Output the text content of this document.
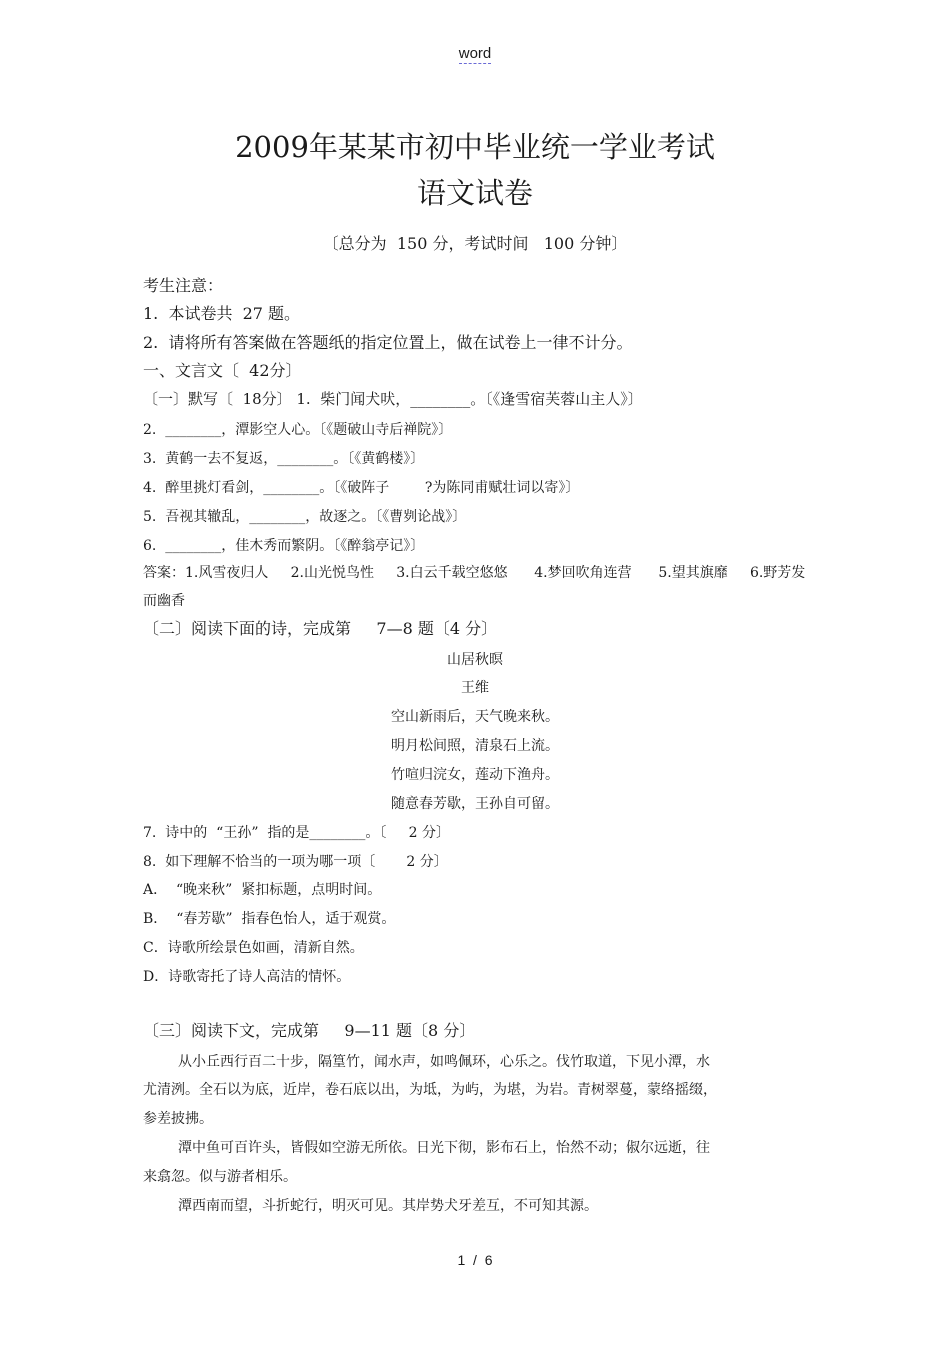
word
2009年某某市初中毕业统一学业考试
语文试卷
〔总分为  150 分，考试时间   100 分钟〕
考生注意：
1.  本试卷共  27 题。
2.  请将所有答案做在答题纸的指定位置上，做在试卷上一律不计分。
一、文言文〔  42分〕
〔一〕默写〔  18分〕 1.  柴门闻犬吠，________。〔《逢雪宿芙蓉山主人》〕
2.  ________，潭影空人心。〔《题破山寺后禅院》〕
3.  黄鹤一去不复返，________。〔《黄鹤楼》〕
4.  醉里挑灯看剑，________。〔《破阵子        ?为陈同甫赋壮词以寄》〕
5.  吾视其辙乱，________，故逐之。〔《曹刿论战》〕
6.  ________，佳木秀而繁阴。〔《醉翁亭记》〕
答案：1.风雪夜归人     2.山光悦鸟性     3.白云千载空悠悠      4.梦回吹角连营      5.望其旗靡     6.野芳发
而幽香
〔二〕阅读下面的诗，完成第     7—8 题〔4 分〕
山居秋暝
王维
空山新雨后，天气晚来秋。
明月松间照，清泉石上流。
竹喧归浣女，莲动下渔舟。
随意春芳歇，王孙自可留。
7.  诗中的  “王孙”  指的是________。〔     2 分〕
8.  如下理解不恰当的一项为哪一项〔       2 分〕
A．  “晚来秋”  紧扣标题，点明时间。
B．  “春芳歇”  指春色怡人，适于观赏。
C．诗歌所绘景色如画，清新自然。
D．诗歌寄托了诗人高洁的情怀。
〔三〕阅读下文，完成第     9—11 题〔8 分〕
从小丘西行百二十步，隔篁竹，闻水声，如鸣佩环，心乐之。伐竹取道，下见小潭，水
尤清洌。全石以为底，近岸，卷石底以出，为坻，为屿，为堪，为岩。青树翠蔓，蒙络摇缀，
参差披拂。
潭中鱼可百许头，皆假如空游无所依。日光下彻，影布石上，怡然不动；俶尔远逝，往
来翕忽。似与游者相乐。
潭西南而望，斗折蛇行，明灭可见。其岸势犬牙差互，不可知其源。
1  /  6
